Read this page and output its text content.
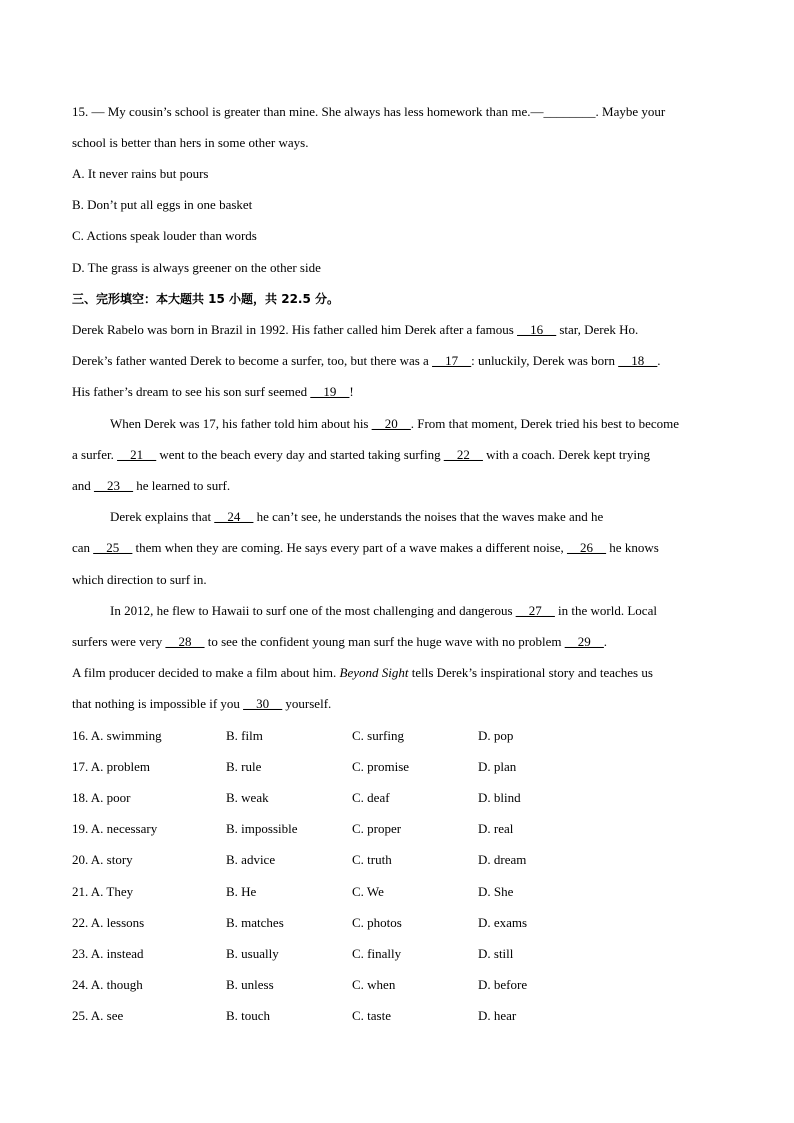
15. — My cousin’s school is greater than mine. She always has less homework than me.—________. Maybe your
school is better than hers in some other ways.
A. It never rains but pours
B. Don’t put all eggs in one basket
C. Actions speak louder than words
D. The grass is always greener on the other side
三、完形填空：本大题共 15 小题，共 22.5 分。
Derek Rabelo was born in Brazil in 1992. His father called him Derek after a famous __16__ star, Derek Ho.
Derek’s father wanted Derek to become a surfer, too, but there was a __17__: unluckily, Derek was born __18__.
His father’s dream to see his son surf seemed __19__!
When Derek was 17, his father told him about his __20__. From that moment, Derek tried his best to become
a surfer. __21__ went to the beach every day and started taking surfing __22__ with a coach. Derek kept trying
and __23__ he learned to surf.
Derek explains that __24__ he can’t see, he understands the noises that the waves make and he
can __25__ them when they are coming. He says every part of a wave makes a different noise, __26__ he knows
which direction to surf in.
In 2012, he flew to Hawaii to surf one of the most challenging and dangerous __27__ in the world. Local
surfers were very __28__ to see the confident young man surf the huge wave with no problem __29__.
A film producer decided to make a film about him. Beyond Sight tells Derek’s inspirational story and teaches us
that nothing is impossible if you __30__ yourself.
16. A. swimming	B. film	C. surfing	D. pop
17. A. problem	B. rule	C. promise	D. plan
18. A. poor	B. weak	C. deaf	D. blind
19. A. necessary	B. impossible	C. proper	D. real
20. A. story	B. advice	C. truth	D. dream
21. A. They	B. He	C. We	D. She
22. A. lessons	B. matches	C. photos	D. exams
23. A. instead	B. usually	C. finally	D. still
24. A. though	B. unless	C. when	D. before
25. A. see	B. touch	C. taste	D. hear
